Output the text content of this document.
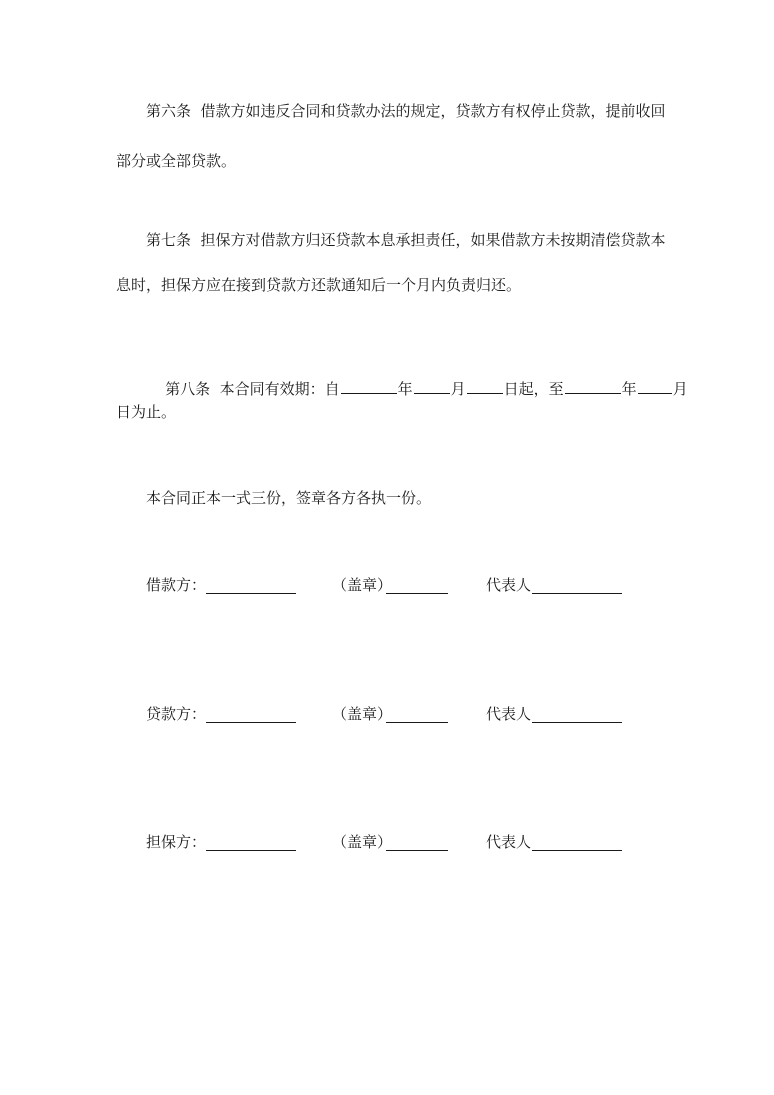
第六条  借款方如违反合同和贷款办法的规定，贷款方有权停止贷款，提前收回
部分或全部贷款。
第七条  担保方对借款方归还贷款本息承担责任，如果借款方未按期清偿贷款本
息时，担保方应在接到贷款方还款通知后一个月内负责归还。

第八条  本合同有效期：自	年	月	日起，至	年 月

日为止。
本合同正本一式三份，签章各方各执一份。
借款方：	（盖章）	代表人
贷款方：	（盖章）	代表人
担保方：	（盖章）	代表人
